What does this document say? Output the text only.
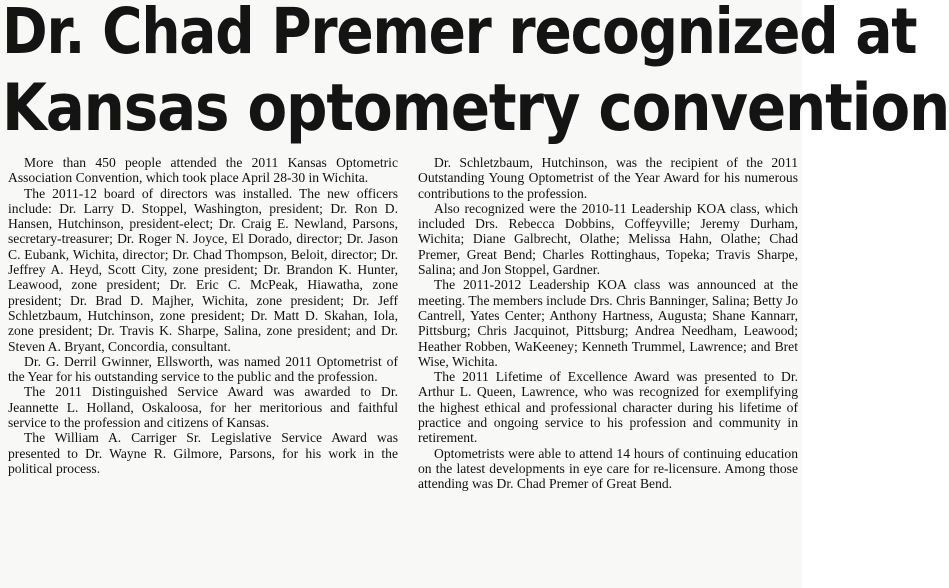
Dr. Chad Premer recognized at
Kansas optometry convention

More than 450 people attended the 2011 Kansas Optometric Association Convention, which took place April 28-30 in Wichita.

The 2011-12 board of directors was installed. The new officers include: Dr. Larry D. Stoppel, Washington, president; Dr. Ron D. Hansen, Hutchinson, president-elect; Dr. Craig E. Newland, Parsons, secretary-treasurer; Dr. Roger N. Joyce, El Dorado, director; Dr. Jason C. Eubank, Wichita, director; Dr. Chad Thompson, Beloit, director; Dr. Jeffrey A. Heyd, Scott City, zone president; Dr. Brandon K. Hunter, Leawood, zone president; Dr. Eric C. McPeak, Hiawatha, zone president; Dr. Brad D. Majher, Wichita, zone president; Dr. Jeff Schletzbaum, Hutchinson, zone president; Dr. Matt D. Skahan, Iola, zone president; Dr. Travis K. Sharpe, Salina, zone president; and Dr. Steven A. Bryant, Concordia, consultant.

Dr. G. Derril Gwinner, Ellsworth, was named 2011 Optometrist of the Year for his outstanding service to the public and the profession.

The 2011 Distinguished Service Award was awarded to Dr. Jeannette L. Holland, Oskaloosa, for her meritorious and faithful service to the profession and citizens of Kansas.

The William A. Carriger Sr. Legislative Service Award was presented to Dr. Wayne R. Gilmore, Parsons, for his work in the political process.

Dr. Schletzbaum, Hutchinson, was the recipient of the 2011 Outstanding Young Optometrist of the Year Award for his numerous contributions to the profession.

Also recognized were the 2010-11 Leadership KOA class, which included Drs. Rebecca Dobbins, Coffeyville; Jeremy Durham, Wichita; Diane Galbrecht, Olathe; Melissa Hahn, Olathe; Chad Premer, Great Bend; Charles Rottinghaus, Topeka; Travis Sharpe, Salina; and Jon Stoppel, Gardner.

The 2011-2012 Leadership KOA class was announced at the meeting. The members include Drs. Chris Banninger, Salina; Betty Jo Cantrell, Yates Center; Anthony Hartness, Augusta; Shane Kannarr, Pittsburg; Chris Jacquinot, Pittsburg; Andrea Needham, Leawood; Heather Robben, WaKeeney; Kenneth Trummel, Lawrence; and Bret Wise, Wichita.

The 2011 Lifetime of Excellence Award was presented to Dr. Arthur L. Queen, Lawrence, who was recognized for exemplifying the highest ethical and professional character during his lifetime of practice and ongoing service to his profession and community in retirement.

Optometrists were able to attend 14 hours of continuing education on the latest developments in eye care for re-licensure. Among those attending was Dr. Chad Premer of Great Bend.
